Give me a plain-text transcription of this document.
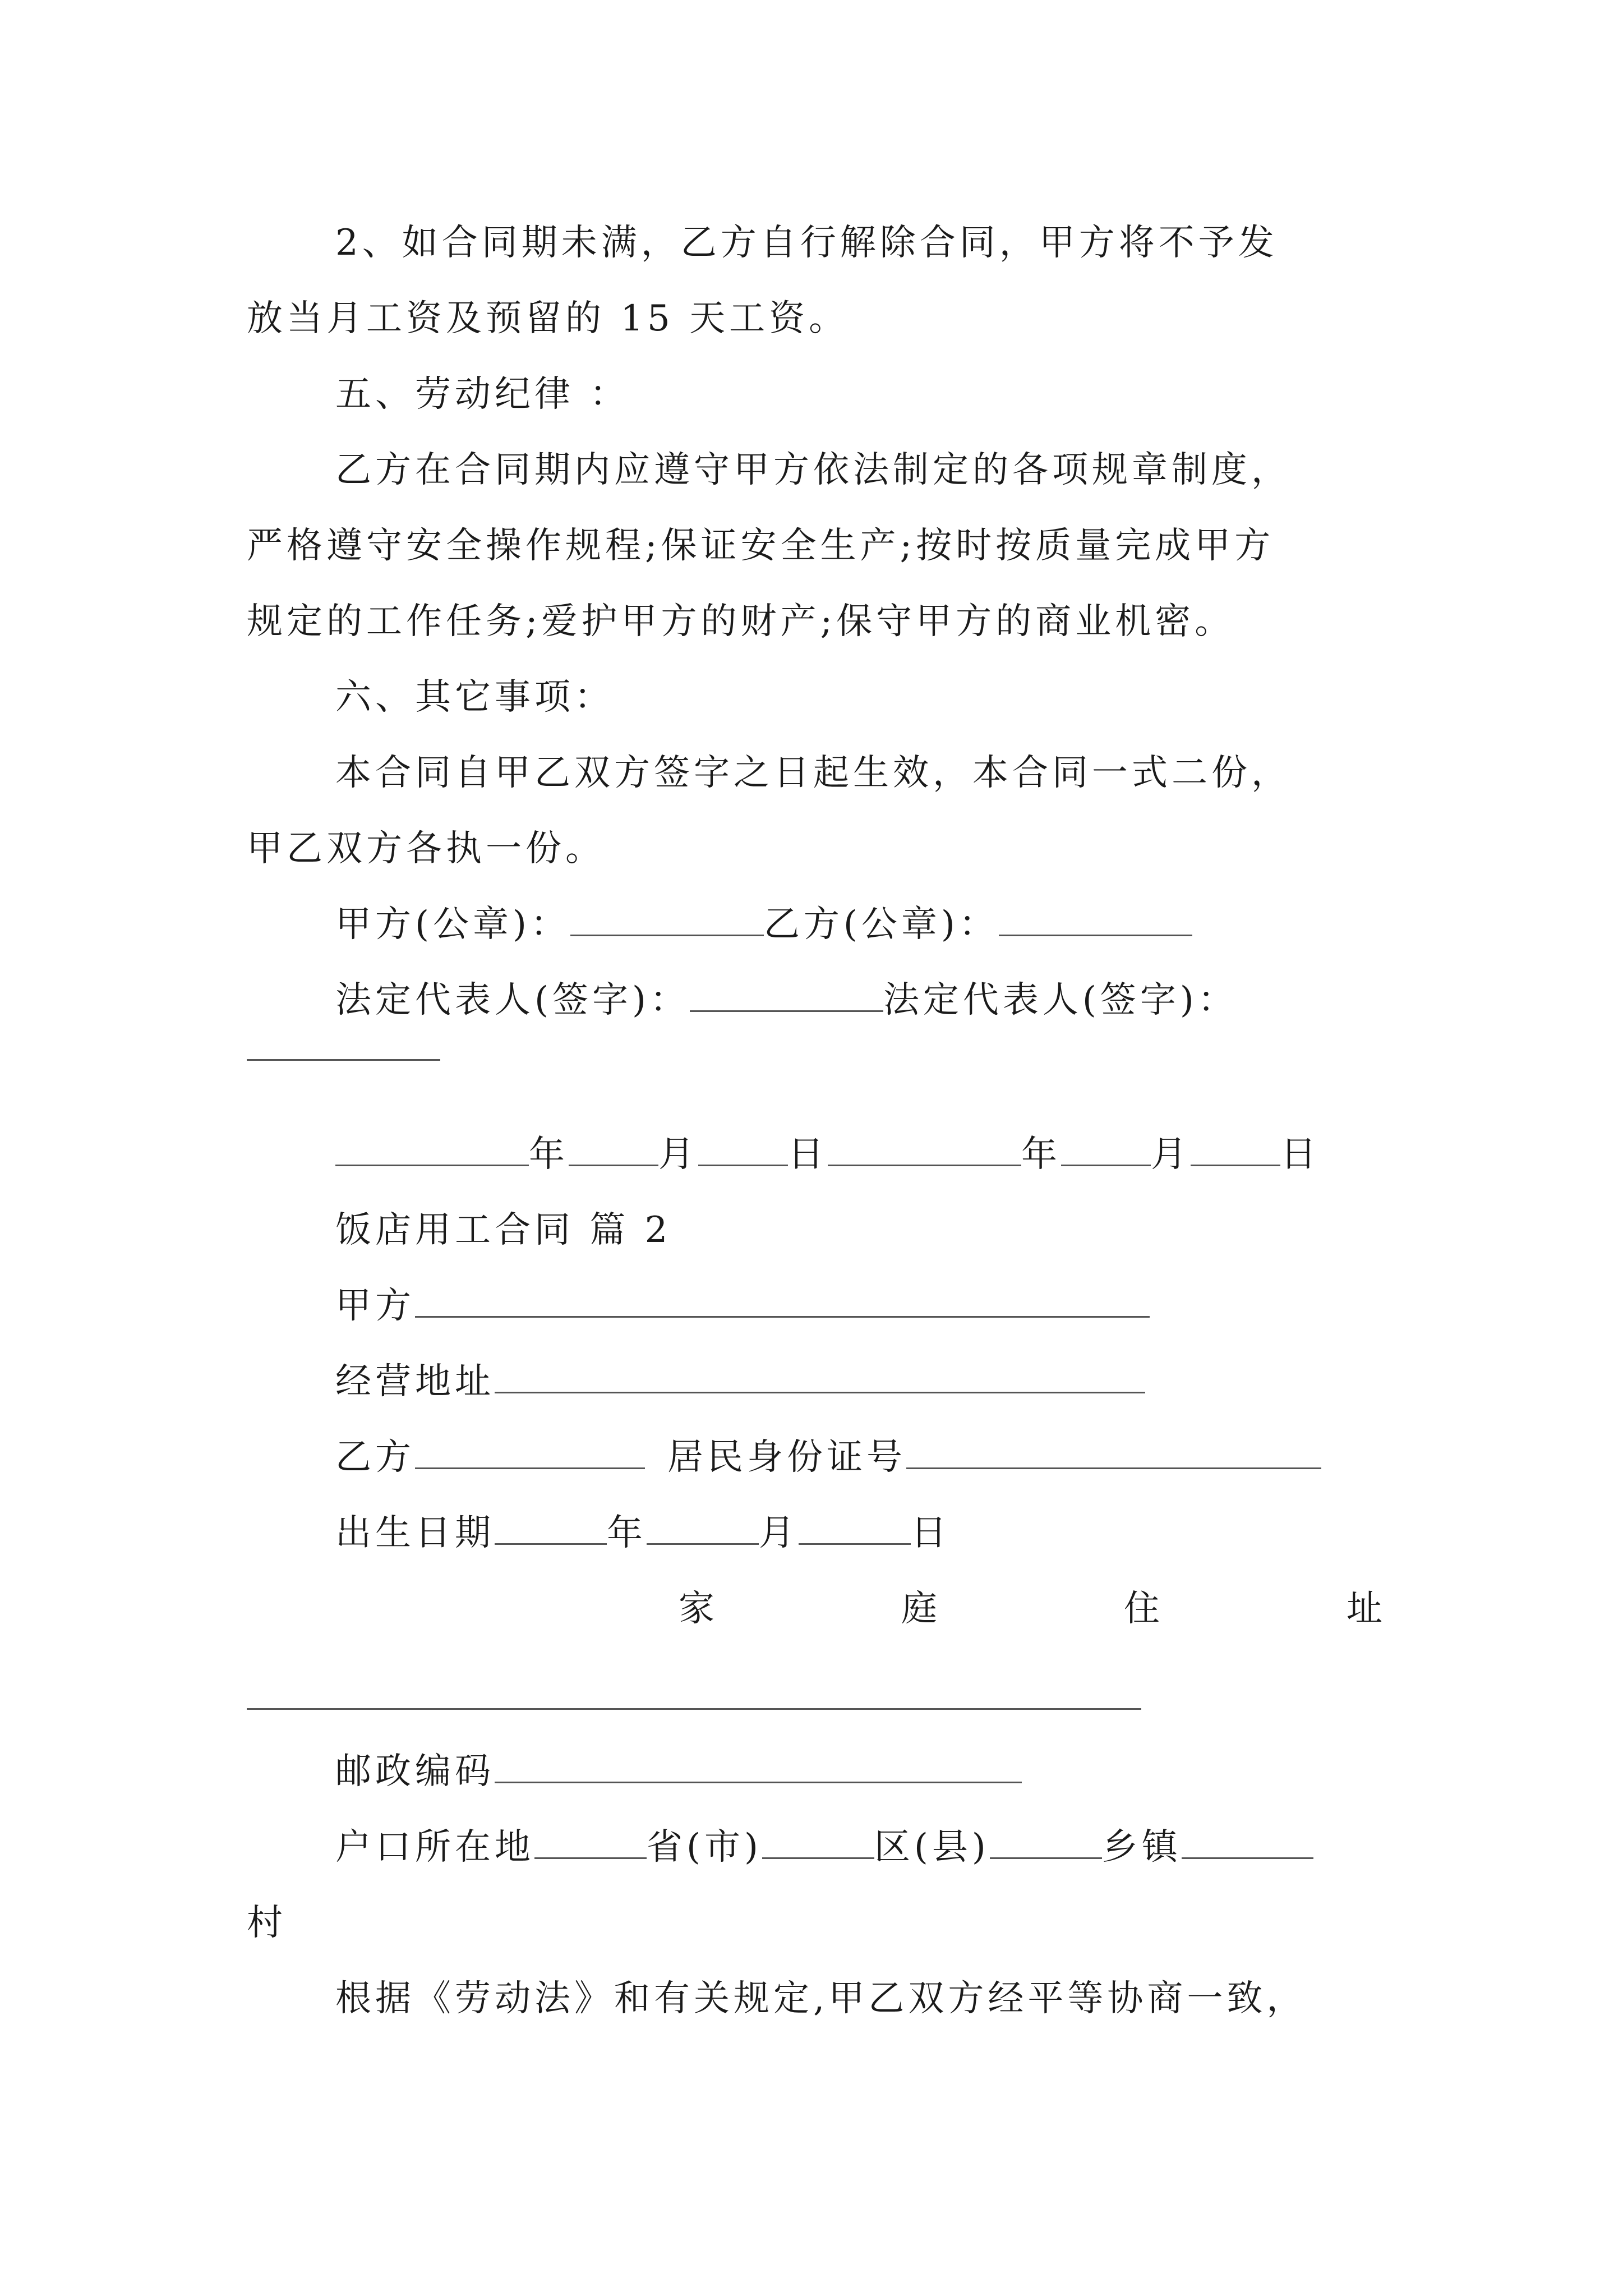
2、如合同期未满，乙方自行解除合同，甲方将不予发
放当月工资及预留的 15 天工资。
五、劳动纪律 ：
乙方在合同期内应遵守甲方依法制定的各项规章制度，
严格遵守安全操作规程;保证安全生产;按时按质量完成甲方
规定的工作任务;爱护甲方的财产;保守甲方的商业机密。
六、其它事项：
本合同自甲乙双方签字之日起生效，本合同一式二份，
甲乙双方各执一份。
甲方(公章)：	乙方(公章)：
法定代表人(签字)：	法定代表人(签字)：
年	月	日	年	月	日
饭店用工合同 篇 2
甲方
经营地址
乙方	居民身份证号
出生日期	年	月	日
家	庭	住	址
邮政编码
户口所在地	省(市)	区(县)	乡镇
村
根据《劳动法》和有关规定,甲乙双方经平等协商一致，
